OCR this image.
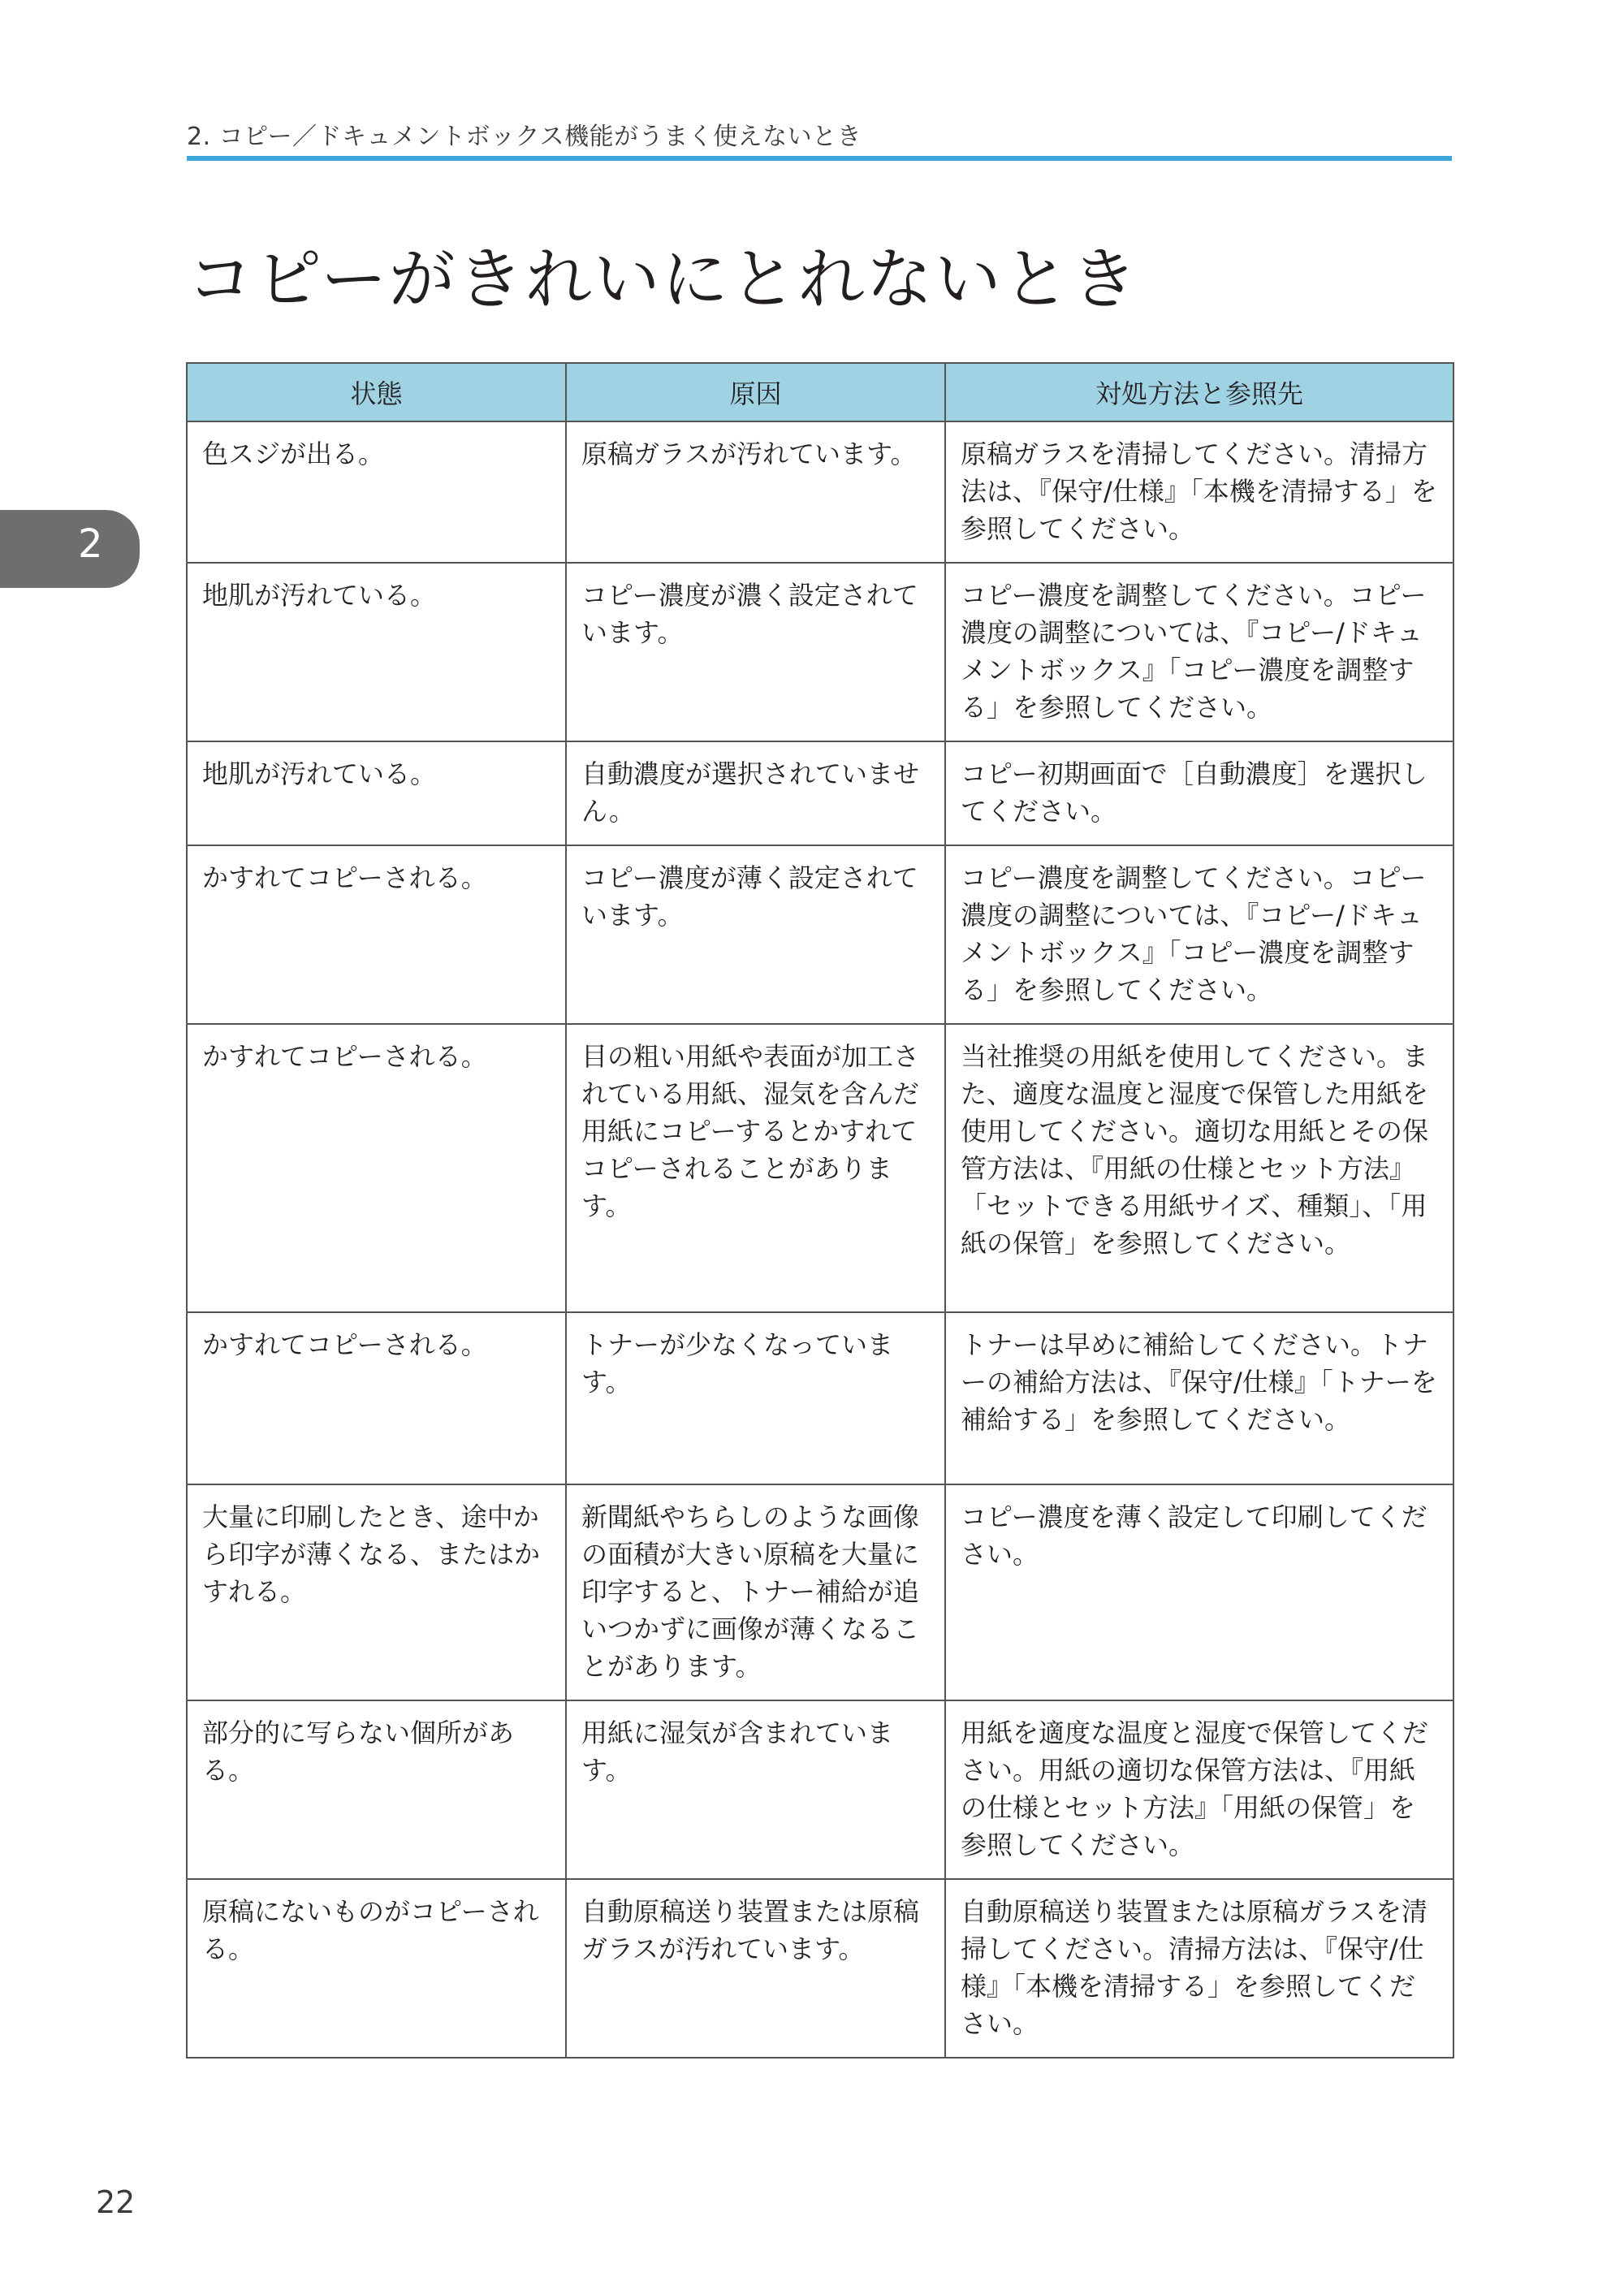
2. コピー／ドキュメントボックス機能がうまく使えないとき
コピーがきれいにとれないとき
2
状態	原因	対処方法と参照先
色スジが出る。	原稿ガラスが汚れています。	原稿ガラスを清掃してください。清掃方法は、『保守/仕様』「本機を清掃する」を参照してください。
地肌が汚れている。	コピー濃度が濃く設定されています。	コピー濃度を調整してください。コピー濃度の調整については、『コピー/ドキュメントボックス』「コピー濃度を調整する」を参照してください。
地肌が汚れている。	自動濃度が選択されていません。	コピー初期画面で［自動濃度］を選択してください。
かすれてコピーされる。	コピー濃度が薄く設定されています。	コピー濃度を調整してください。コピー濃度の調整については、『コピー/ドキュメントボックス』「コピー濃度を調整する」を参照してください。
かすれてコピーされる。	目の粗い用紙や表面が加工されている用紙、湿気を含んだ用紙にコピーするとかすれてコピーされることがあります。	当社推奨の用紙を使用してください。また、適度な温度と湿度で保管した用紙を使用してください。適切な用紙とその保管方法は、『用紙の仕様とセット方法』「セットできる用紙サイズ、種類」、「用紙の保管」を参照してください。
かすれてコピーされる。	トナーが少なくなっています。	トナーは早めに補給してください。トナーの補給方法は、『保守/仕様』「トナーを補給する」を参照してください。
大量に印刷したとき、途中から印字が薄くなる、またはかすれる。	新聞紙やちらしのような画像の面積が大きい原稿を大量に印字すると、トナー補給が追いつかずに画像が薄くなることがあります。	コピー濃度を薄く設定して印刷してください。
部分的に写らない個所がある。	用紙に湿気が含まれています。	用紙を適度な温度と湿度で保管してください。用紙の適切な保管方法は、『用紙の仕様とセット方法』「用紙の保管」を参照してください。
原稿にないものがコピーされる。	自動原稿送り装置または原稿ガラスが汚れています。	自動原稿送り装置または原稿ガラスを清掃してください。清掃方法は、『保守/仕様』「本機を清掃する」を参照してください。
22
